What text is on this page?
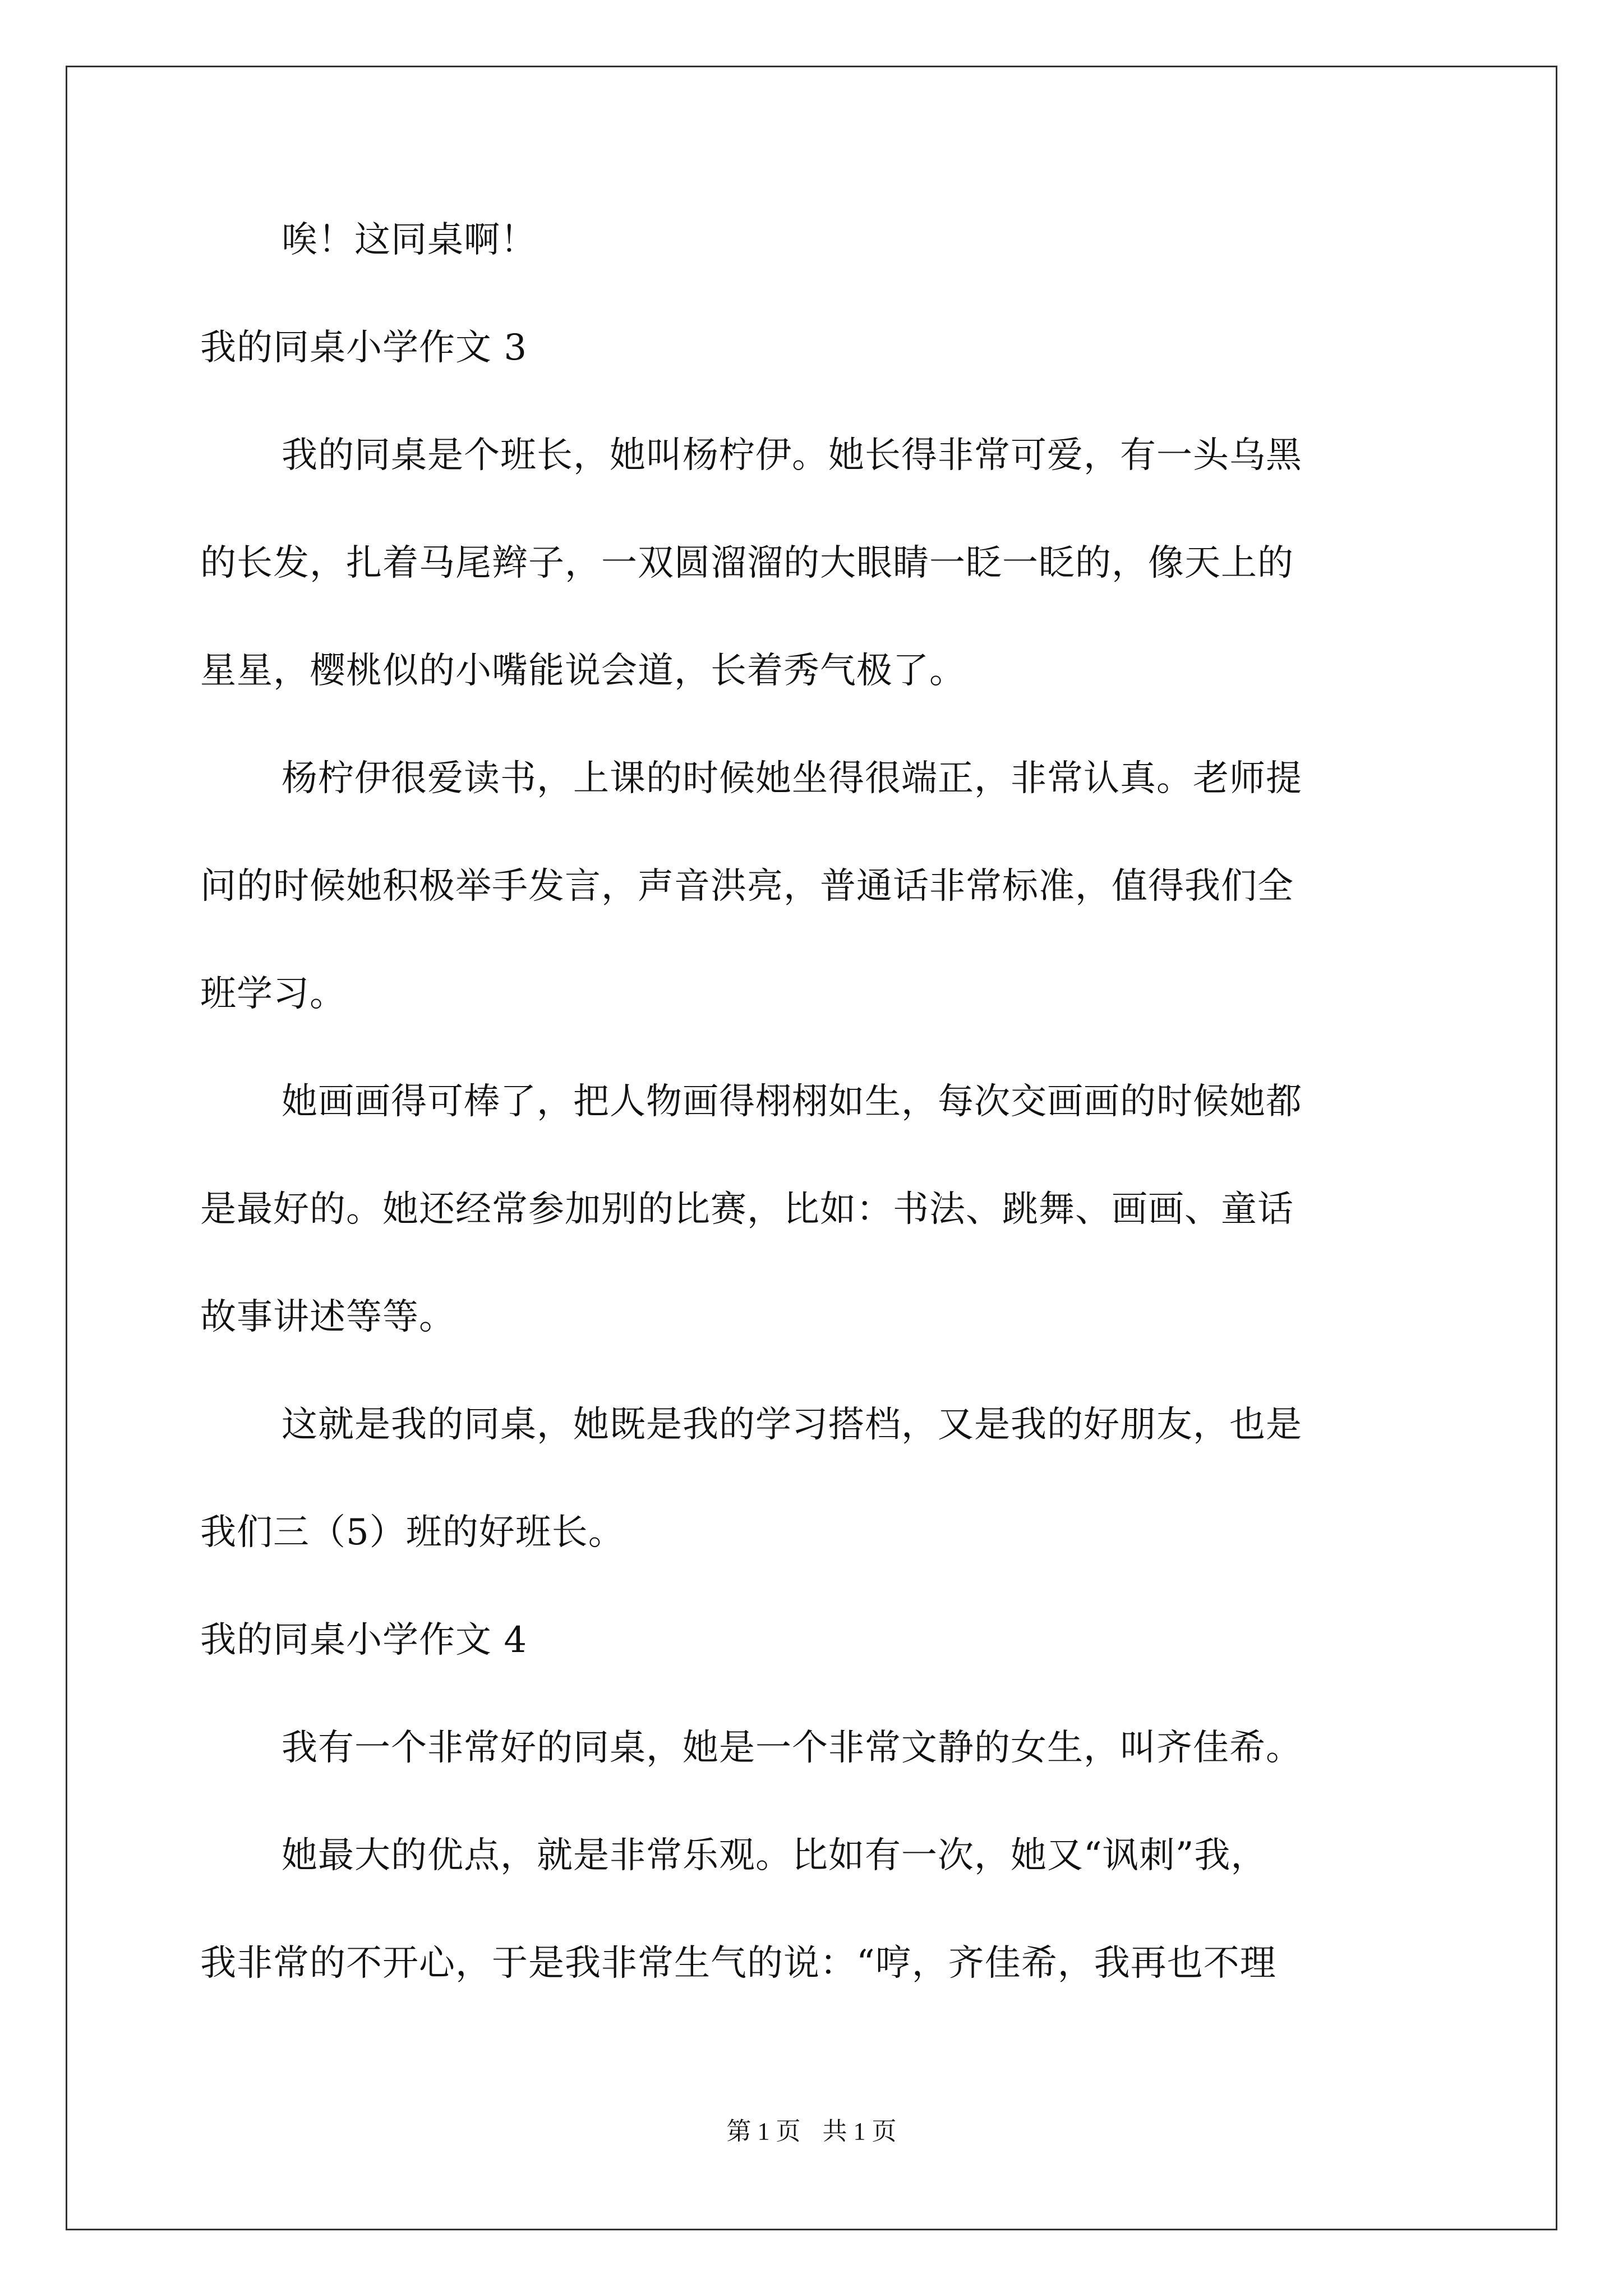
唉！这同桌啊！

我的同桌小学作文 3

我的同桌是个班长，她叫杨柠伊。她长得非常可爱，有一头乌黑

的长发，扎着马尾辫子，一双圆溜溜的大眼睛一眨一眨的，像天上的

星星，樱桃似的小嘴能说会道，长着秀气极了。

杨柠伊很爱读书，上课的时候她坐得很端正，非常认真。老师提

问的时候她积极举手发言，声音洪亮，普通话非常标准，值得我们全

班学习。

她画画得可棒了，把人物画得栩栩如生，每次交画画的时候她都

是最好的。她还经常参加别的比赛，比如：书法、跳舞、画画、童话

故事讲述等等。

这就是我的同桌，她既是我的学习搭档，又是我的好朋友，也是

我们三（5）班的好班长。

我的同桌小学作文 4

我有一个非常好的同桌，她是一个非常文静的女生，叫齐佳希。

她最大的优点，就是非常乐观。比如有一次，她又“讽刺”我，

我非常的不开心，于是我非常生气的说：“哼，齐佳希，我再也不理

第 1 页 共 1 页
